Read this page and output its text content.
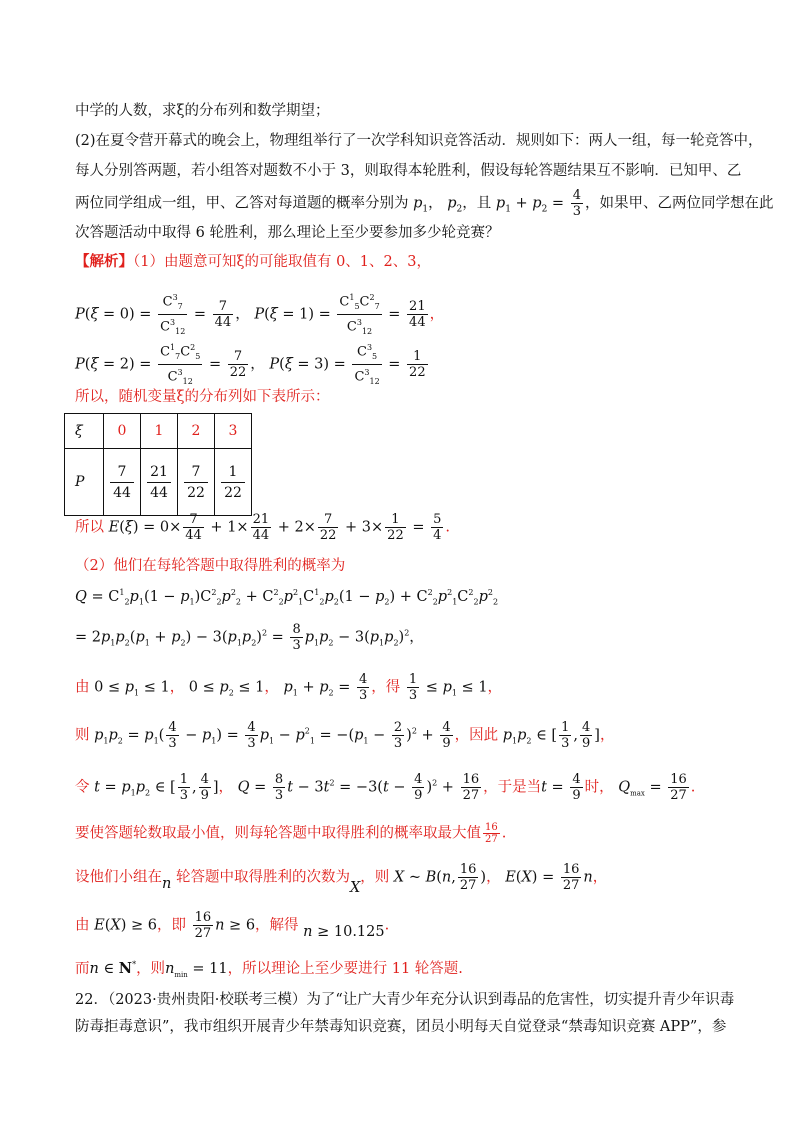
中学的人数，求ξ的分布列和数学期望；
(2)在夏令营开幕式的晚会上，物理组举行了一次学科知识竞答活动．规则如下：两人一组，每一轮竞答中，
每人分别答两题，若小组答对题数不小于 3，则取得本轮胜利，假设每轮答题结果互不影响．已知甲、乙
两位同学组成一组，甲、乙答对每道题的概率分别为 $p_1$， $p_2$，且 $p_1 + p_2 = \frac{4}{3}$ ，如果甲、乙两位同学想在此
次答题活动中取得 6 轮胜利，那么理论上至少要参加多少轮竞赛？
【解析】（1）由题意可知ξ的可能取值有 0、1、2、3，
$P(\xi = 0) = \frac{C^3_7}{C^3_{12}} = \frac{7}{44}$ ， $P(\xi = 1) = \frac{C^1_5C^2_7}{C^3_{12}} = \frac{21}{44}$ ，
$P(\xi = 2) = \frac{C^1_7C^2_5}{C^3_{12}} = \frac{7}{22}$ ， $P(\xi = 3) = \frac{C^3_5}{C^3_{12}} = \frac{1}{22}$
所以，随机变量ξ的分布列如下表所示：
ξ	0	1	2	3
P	$\frac{7}{44}$	$\frac{21}{44}$	$\frac{7}{22}$	$\frac{1}{22}$
所以 $E(\xi) = 0\times \frac{7}{44} + 1\times \frac{21}{44} + 2\times \frac{7}{22} + 3\times \frac{1}{22} = \frac{5}{4}$ .
（2）他们在每轮答题中取得胜利的概率为
$Q = C^1_2p_1(1 - p_1)C^2_2p^2_2 + C^2_2p^2_1C^1_2p_2(1 - p_2) + C^2_2p^2_1C^2_2p^2_2$
= $2p_1p_2(p_1 + p_2) - 3(p_1p_2)^2 = \frac{8}{3} p_1p_2 - 3(p_1p_2)^2$，
由 $0 \le p_1 \le 1$， $0 \le p_2 \le 1$， $p_1 + p_2 = \frac{4}{3}$ ，得 $\frac{1}{3} \le p_1 \le 1$，
则 $p_1p_2 = p_1( \frac{4}{3} - p_1) = \frac{4}{3} p_1 - p^2_1 = -(p_1 - \frac{2}{3} )^2 + \frac{4}{9}$ ，因此 $p_1p_2$ ∈ [ $\frac{1}{3}$ , $\frac{4}{9}$ ]，
令 $t = p_1p_2$ ∈ [ $\frac{1}{3}$ , $\frac{4}{9}$ ]， $Q = \frac{8}{3}$ $t - 3t^2 = -3(t - \frac{4}{9} )^2 + \frac{16}{27}$ ，于是当$t = \frac{4}{9}$ 时， $Q_{max} = \frac{16}{27}$ .
要使答题轮数取最小值，则每轮答题中取得胜利的概率取最大值 $\frac{16}{27}$ .
设他们小组在n 轮答题中取得胜利的次数为X，则 X ~ B(n, $\frac{16}{27}$ )， $E(X) = \frac{16}{27}$ n，
由 E(X) ≥ 6，即 $\frac{16}{27}$ n ≥ 6，解得 n ≥ 10.125.
而n ∈ N*，则$n_{min} = 11$，所以理论上至少要进行 11 轮答题.
22．（2023·贵州贵阳·校联考三模）为了“让广大青少年充分认识到毒品的危害性，切实提升青少年识毒
防毒拒毒意识”，我市组织开展青少年禁毒知识竞赛，团员小明每天自觉登录“禁毒知识竞赛 APP”，参
